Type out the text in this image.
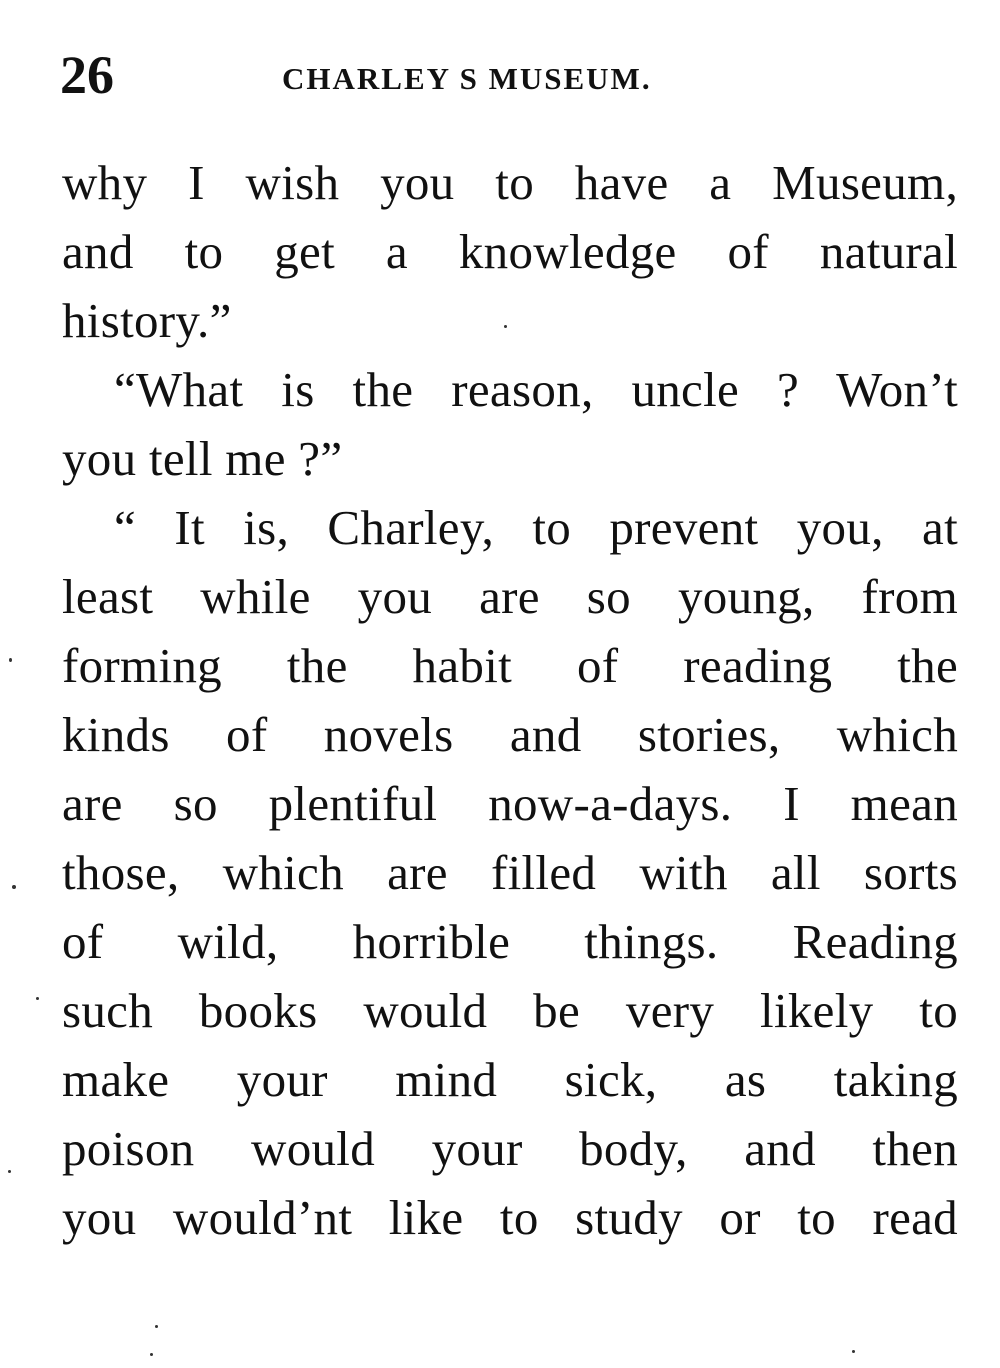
26	CHARLEY S MUSEUM.
why I wish you to have a Museum,
and to get a knowledge of natural
history.”
“What is the reason, uncle ? Won’t
you tell me ?”
“ It is, Charley, to prevent you, at
least while you are so young, from
forming the habit of reading the
kinds of novels and stories, which
are so plentiful now-a-days. I mean
those, which are filled with all sorts
of wild, horrible things. Reading
such books would be very likely to
make your mind sick, as taking
poison would your body, and then
you would’nt like to study or to read
